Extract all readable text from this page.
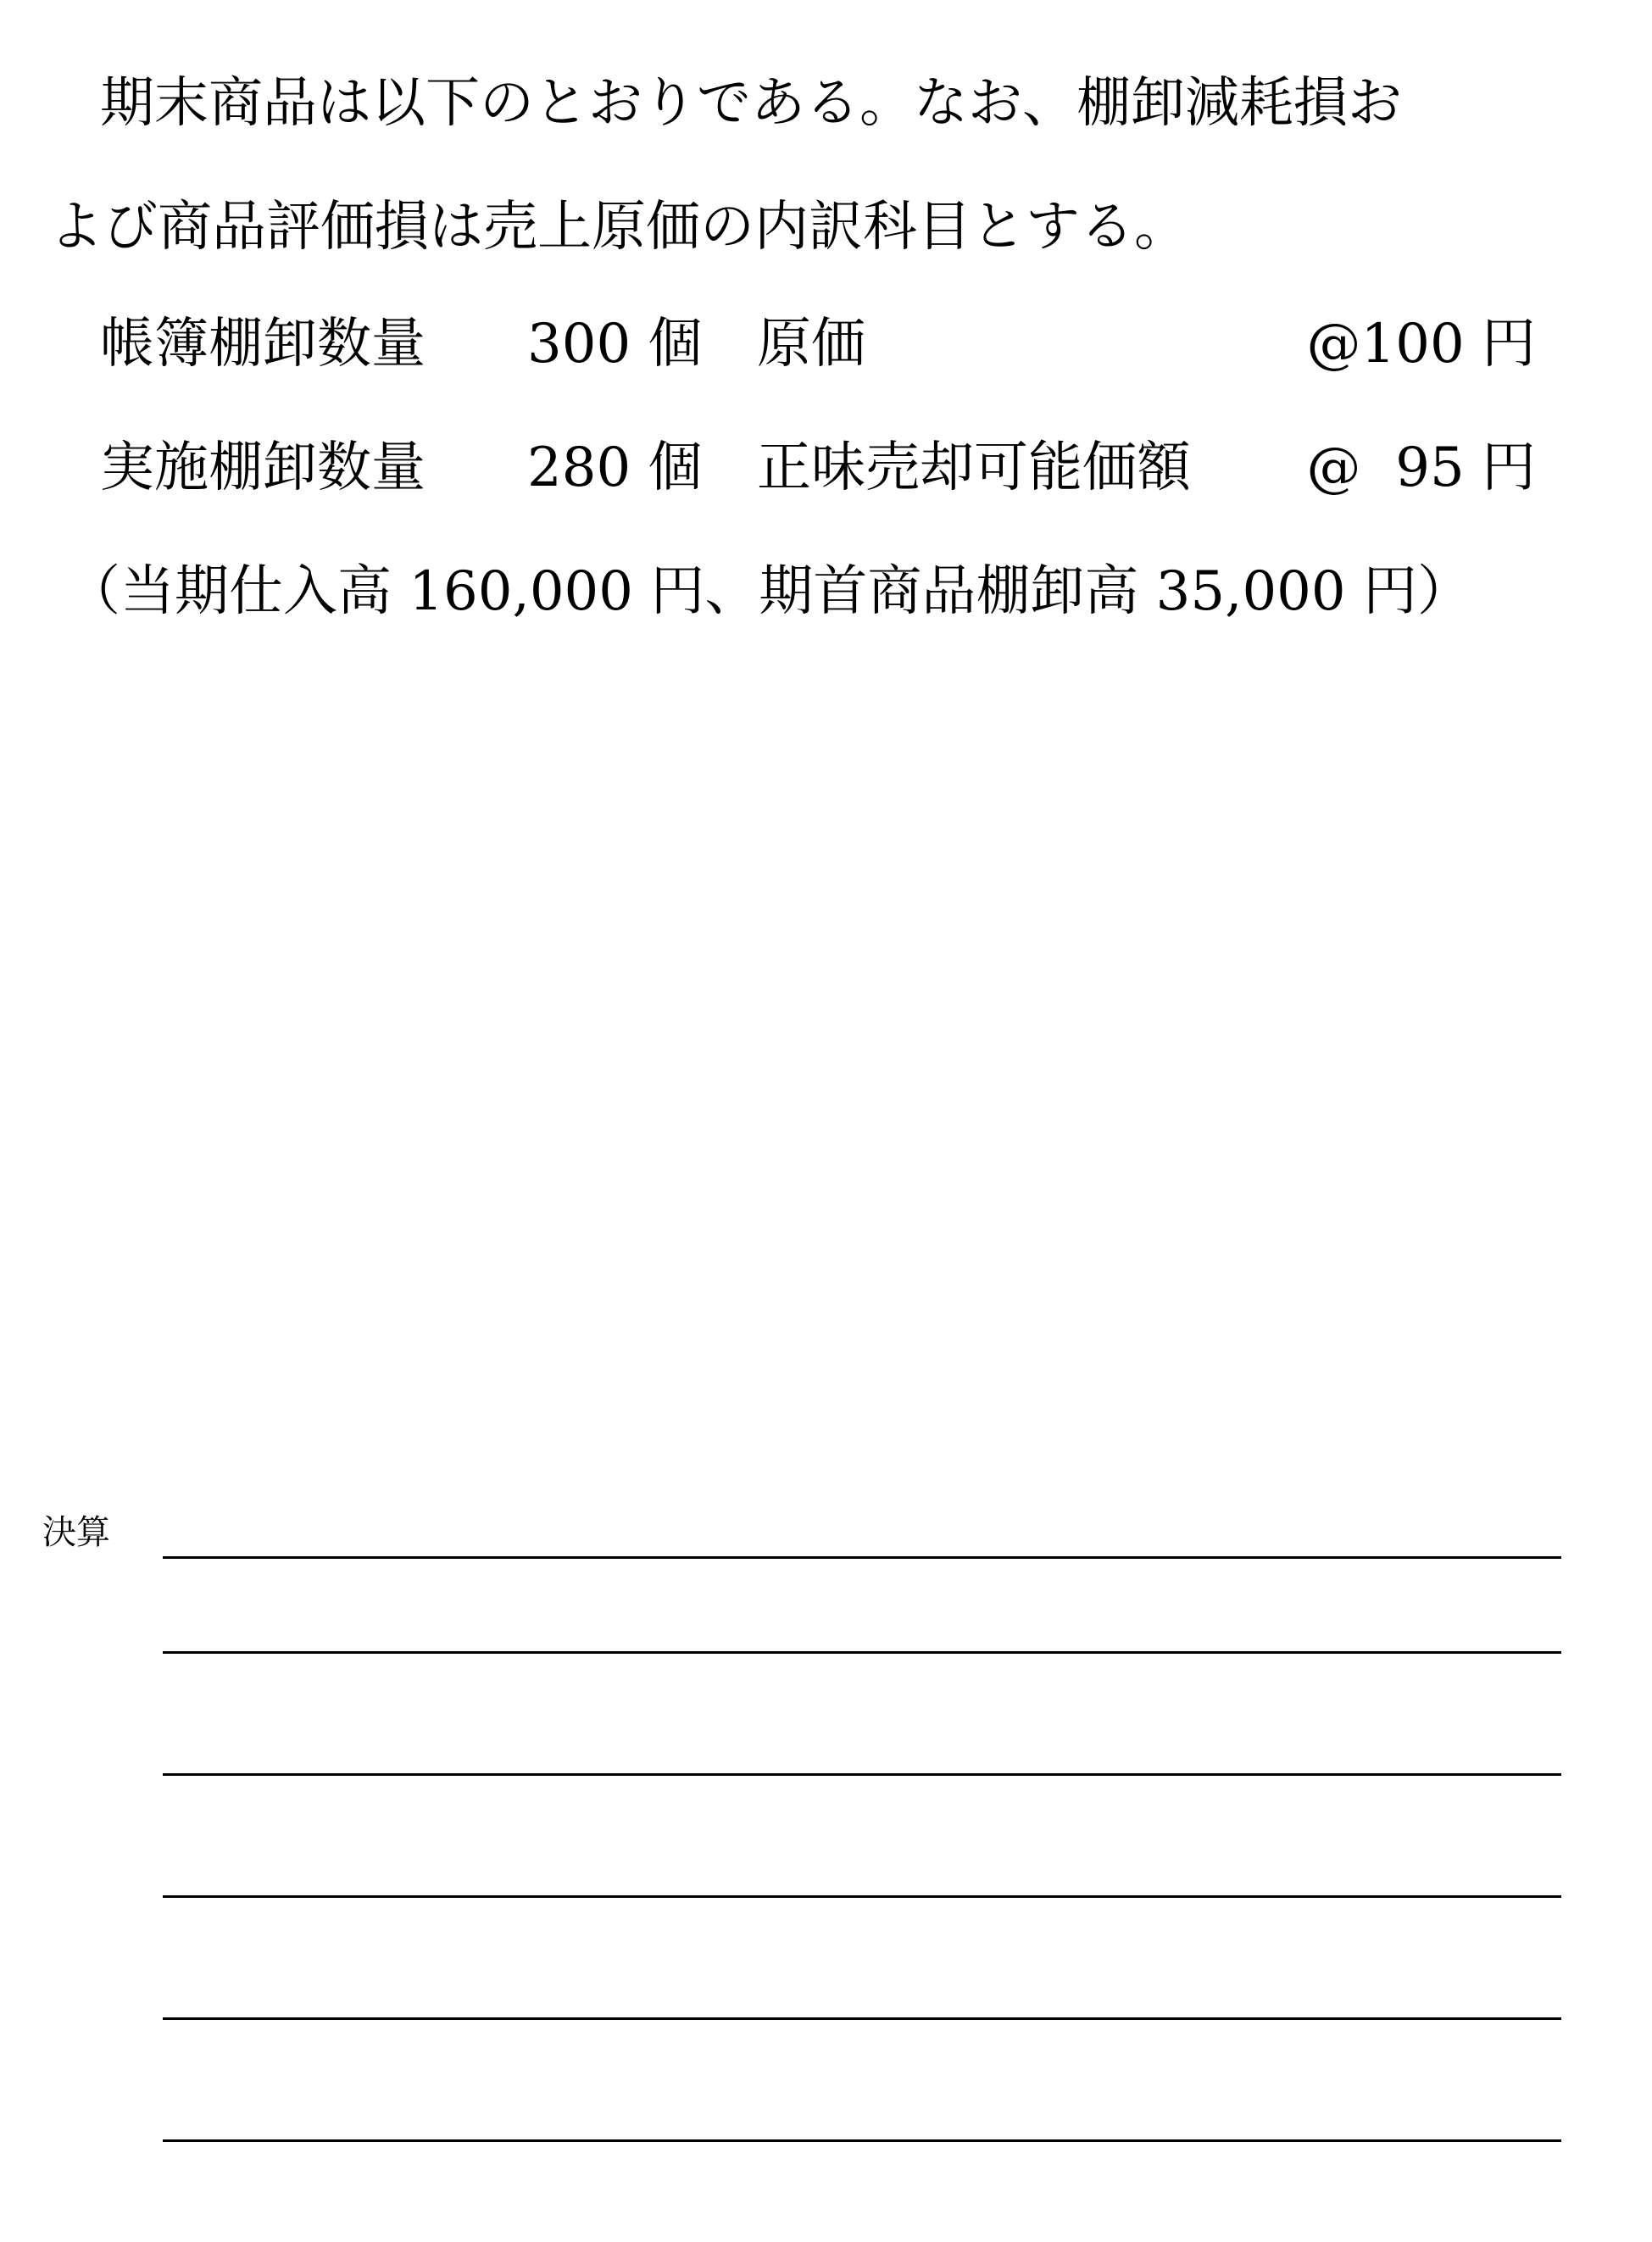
期末商品は以下のとおりである。なお、棚卸減耗損お
よび商品評価損は売上原価の内訳科目とする。
帳簿棚卸数量 300 個 原価	@100 円
実施棚卸数量 280 個 正味売却可能価額 @  95 円
（当期仕入高 160,000 円、期首商品棚卸高 35,000 円）
決算
